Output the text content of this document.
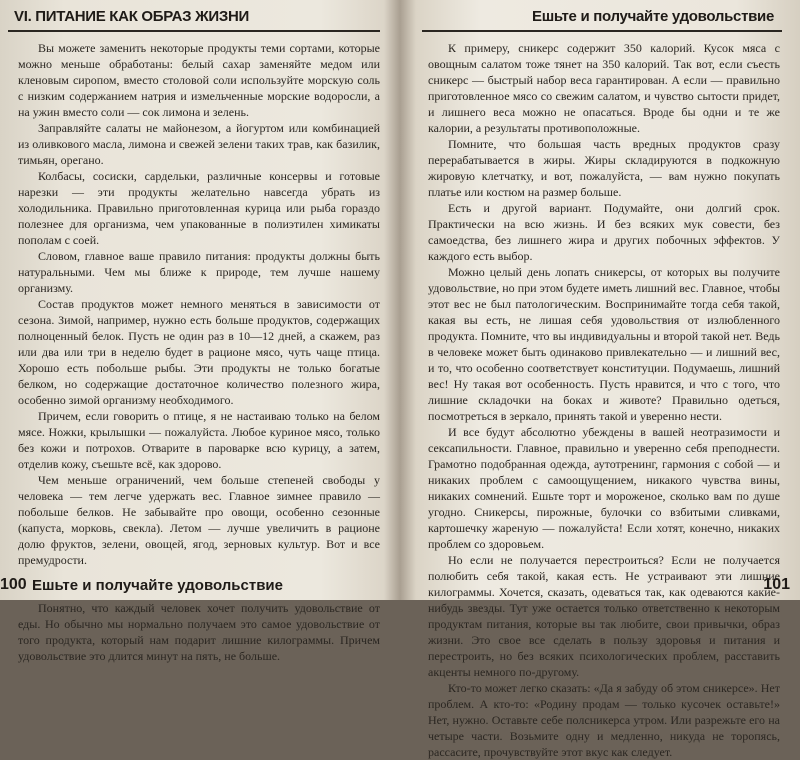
VI. ПИТАНИЕ КАК ОБРАЗ ЖИЗНИ

Вы можете заменить некоторые продукты теми сортами, которые можно меньше обработаны: белый сахар заменяйте медом или кленовым сиропом, вместо столовой соли используйте морскую соль с низким содержанием натрия и измельченные морские водоросли, а на ужин вместо соли — сок лимона и зелень.

Заправляйте салаты не майонезом, а йогуртом или комбинацией из оливкового масла, лимона и свежей зелени таких трав, как базилик, тимьян, орегано.

Колбасы, сосиски, сардельки, различные консервы и готовые нарезки — эти продукты желательно навсегда убрать из холодильника. Правильно приготовленная курица или рыба гораздо полезнее для организма, чем упакованные в полиэтилен химикаты пополам с соей.

Словом, главное ваше правило питания: продукты должны быть натуральными. Чем мы ближе к природе, тем лучше нашему организму.

Состав продуктов может немного меняться в зависимости от сезона. Зимой, например, нужно есть больше продуктов, содержащих полноценный белок. Пусть не один раз в 10—12 дней, а скажем, раз или два или три в неделю будет в рационе мясо, чуть чаще птица. Хорошо есть побольше рыбы. Эти продукты не только богатые белком, но содержащие достаточное количество полезного жира, особенно зимой организму необходимого.

Причем, если говорить о птице, я не настаиваю только на белом мясе. Ножки, крылышки — пожалуйста. Любое куриное мясо, только без кожи и потрохов. Отварите в пароварке всю курицу, а затем, отделив кожу, съешьте всё, как здорово.

Чем меньше ограничений, чем больше степеней свободы у человека — тем легче удержать вес. Главное зимнее правило — побольше белков. Не забывайте про овощи, особенно сезонные (капуста, морковь, свекла). Летом — лучше увеличить в рационе долю фруктов, зелени, овощей, ягод, зерновых культур. Вот и все премудрости.

Ешьте и получайте удовольствие

Понятно, что каждый человек хочет получить удовольствие от еды. Но обычно мы нормально получаем это самое удовольствие от того продукта, который нам подарит лишние килограммы. Причем удовольствие это длится минут на пять, не больше.

100
Ешьте и получайте удовольствие

К примеру, сникерс содержит 350 калорий. Кусок мяса с овощным салатом тоже тянет на 350 калорий. Так вот, если съесть сникерс — быстрый набор веса гарантирован. А если — правильно приготовленное мясо со свежим салатом, и чувство сытости придет, и лишнего веса можно не опасаться. Вроде бы одни и те же калории, а результаты противоположные.

Помните, что большая часть вредных продуктов сразу перерабатывается в жиры. Жиры складируются в подкожную жировую клетчатку, и вот, пожалуйста, — вам нужно покупать платье или костюм на размер больше.

Есть и другой вариант. Подумайте, они долгий срок. Практически на всю жизнь. И без всяких мук совести, без самоедства, без лишнего жира и других побочных эффектов. У каждого есть выбор.

Можно целый день лопать сникерсы, от которых вы получите удовольствие, но при этом будете иметь лишний вес. Главное, чтобы этот вес не был патологическим. Воспринимайте тогда себя такой, какая вы есть, не лишая себя удовольствия от излюбленного продукта. Помните, что вы индивидуальны и второй такой нет. Ведь в человеке может быть одинаково привлекательно — и лишний вес, и то, что особенно соответствует конституции. Подумаешь, лишний вес! Ну такая вот особенность. Пусть нравится, и что с того, что лишние складочки на боках и животе? Правильно одеться, посмотреться в зеркало, принять такой и уверенно нести.

И все будут абсолютно убеждены в вашей неотразимости и сексапильности. Главное, правильно и уверенно себя преподнести. Грамотно подобранная одежда, аутотренинг, гармония с собой — и никаких проблем с самоощущением, никакого чувства вины, никаких сомнений. Ешьте торт и мороженое, сколько вам по душе угодно. Сникерсы, пирожные, булочки со взбитыми сливками, картошечку жареную — пожалуйста! Если хотят, конечно, никаких проблем со здоровьем.

Но если не получается перестроиться? Если не получается полюбить себя такой, какая есть. Не устраивают эти лишние килограммы. Хочется, сказать, одеваться так, как одеваются какие-нибудь звезды. Тут уже остается только ответственно к некоторым продуктам питания, которые вы так любите, свои привычки, образ жизни. Это свое все сделать в пользу здоровья и питания и перестроить, но без всяких психологических проблем, расставить акценты немного по-другому.

Кто-то может легко сказать: «Да я забуду об этом сникерсе». Нет проблем. А кто-то: «Родину продам — только кусочек оставьте!» Нет, нужно. Оставьте себе полсникерса утром. Или разрежьте его на четыре части. Возьмите одну и медленно, никуда не торопясь, рассасите, прочувствуйте этот вкус как следует.

101
